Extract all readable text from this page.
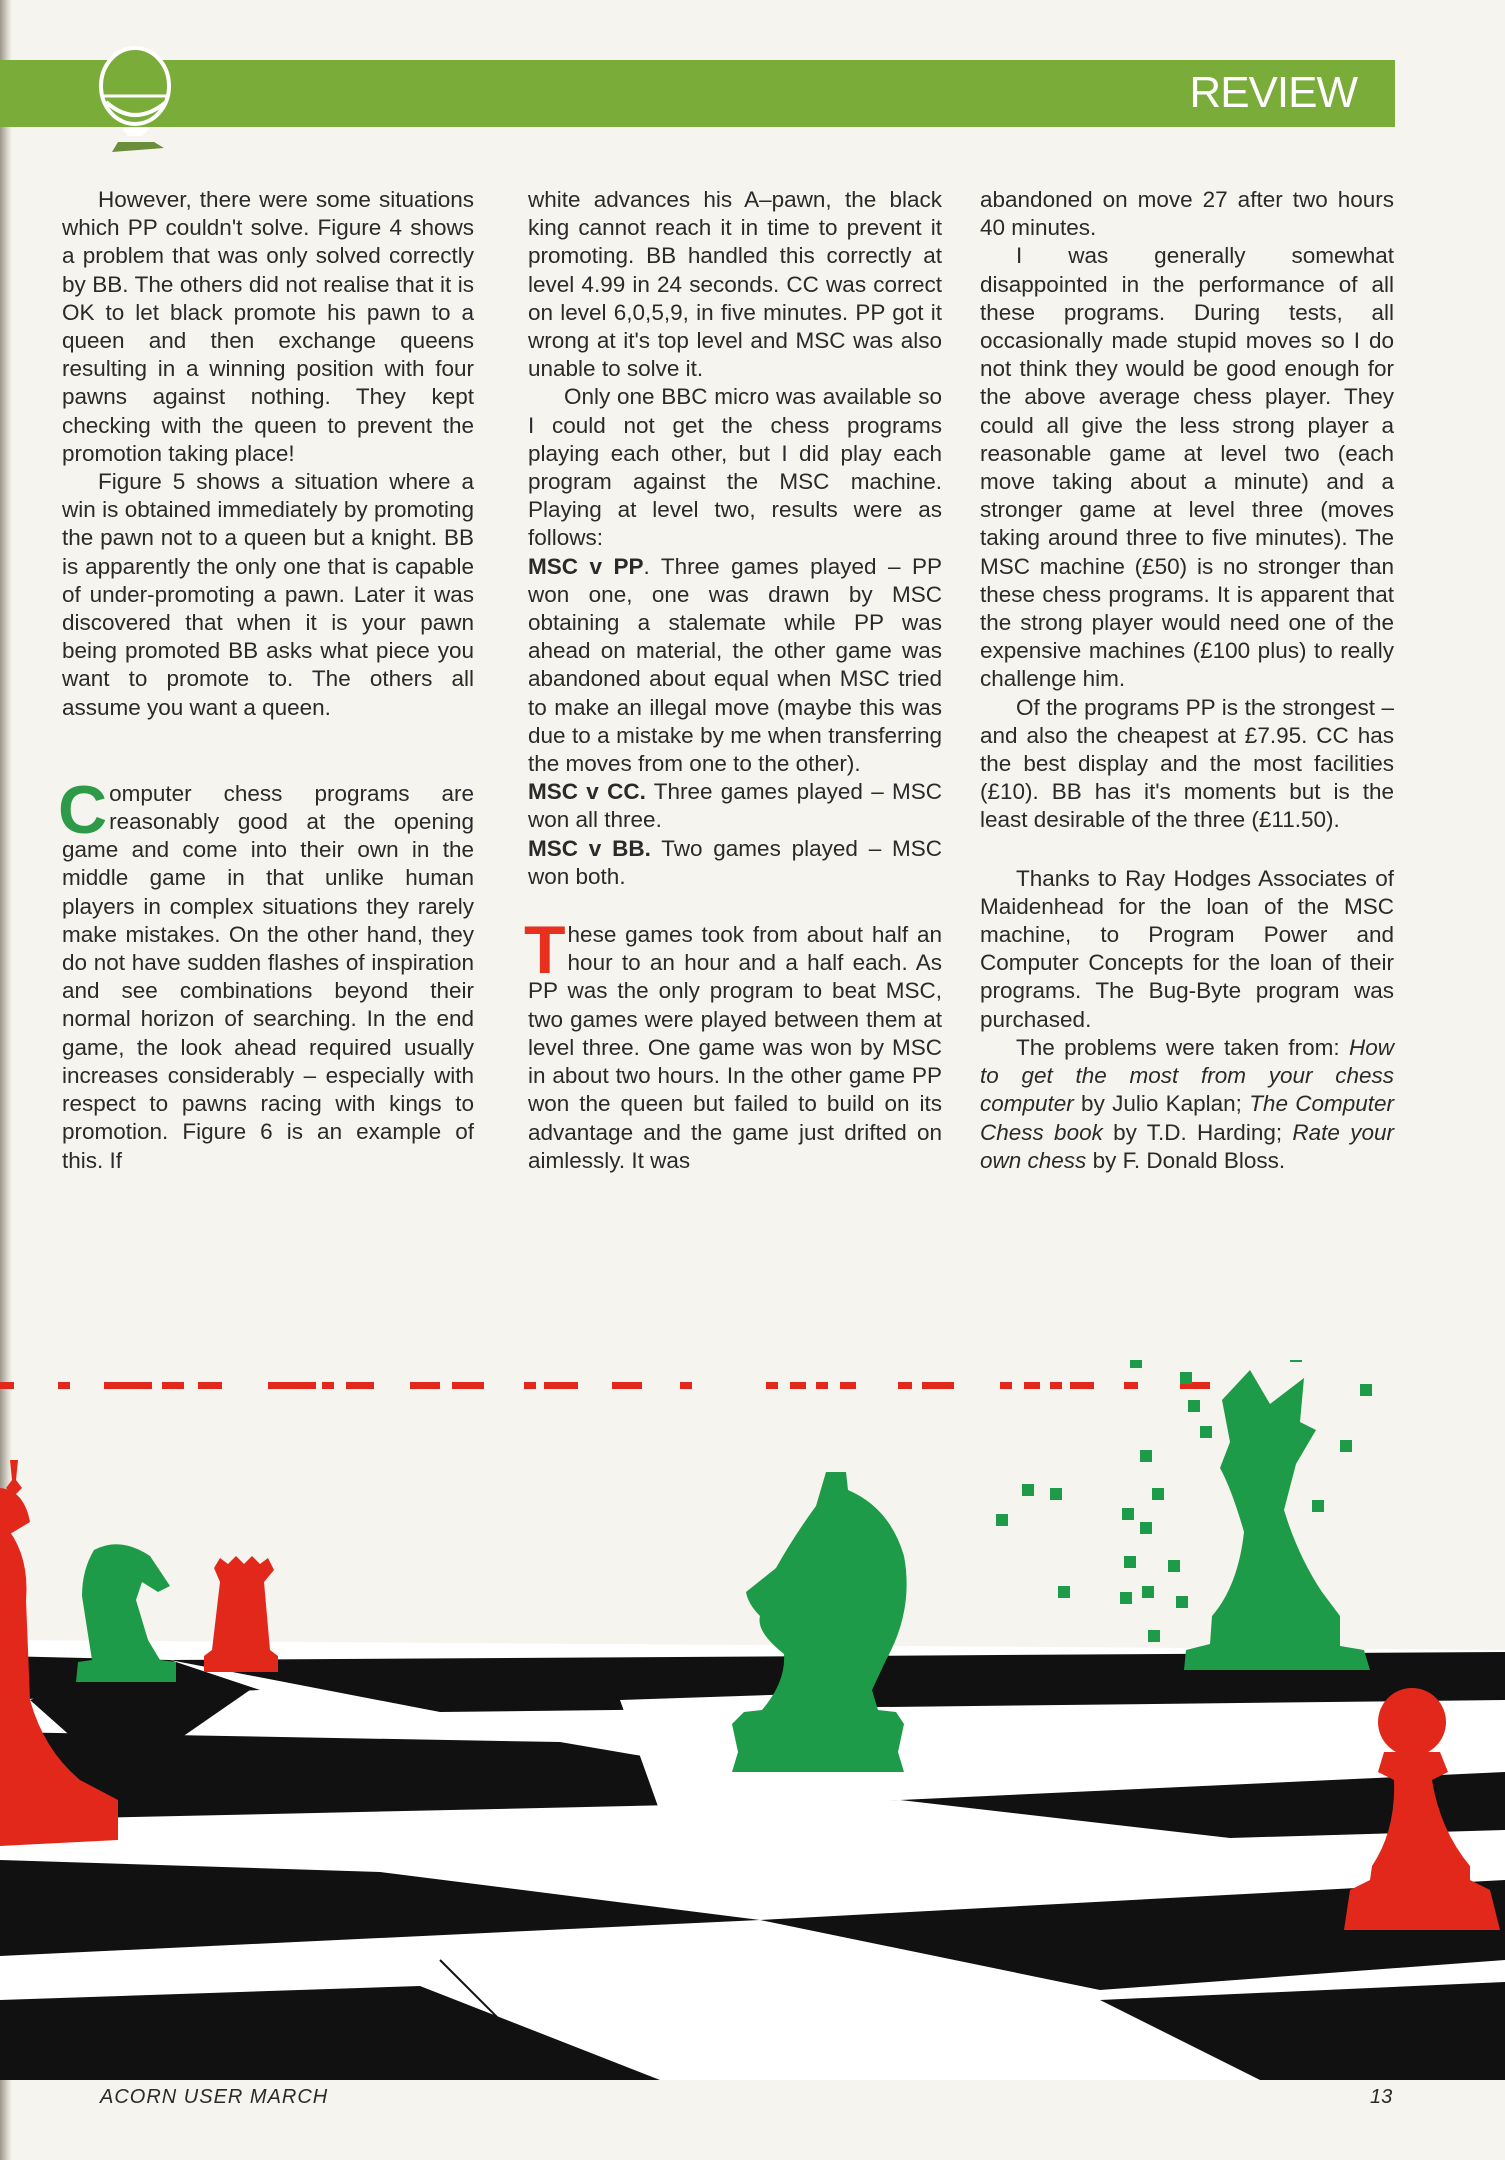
REVIEW

However, there were some situations which PP couldn't solve. Figure 4 shows a problem that was only solved correctly by BB. The others did not realise that it is OK to let black promote his pawn to a queen and then exchange queens resulting in a winning position with four pawns against nothing. They kept checking with the queen to prevent the promotion taking place!

Figure 5 shows a situation where a win is obtained immediately by promoting the pawn not to a queen but a knight. BB is apparently the only one that is capable of under-promoting a pawn. Later it was discovered that when it is your pawn being promoted BB asks what piece you want to promote to. The others all assume you want a queen.

Computer chess programs are reasonably good at the opening game and come into their own in the middle game in that unlike human players in complex situations they rarely make mistakes. On the other hand, they do not have sudden flashes of inspiration and see combinations beyond their normal horizon of searching. In the end game, the look ahead required usually increases considerably – especially with respect to pawns racing with kings to promotion. Figure 6 is an example of this. If

white advances his A–pawn, the black king cannot reach it in time to prevent it promoting. BB handled this correctly at level 4.99 in 24 seconds. CC was correct on level 6,0,5,9, in five minutes. PP got it wrong at it's top level and MSC was also unable to solve it.

Only one BBC micro was available so I could not get the chess programs playing each other, but I did play each program against the MSC machine. Playing at level two, results were as follows:

MSC v PP. Three games played – PP won one, one was drawn by MSC obtaining a stalemate while PP was ahead on material, the other game was abandoned about equal when MSC tried to make an illegal move (maybe this was due to a mistake by me when transferring the moves from one to the other).

MSC v CC. Three games played – MSC won all three.

MSC v BB. Two games played – MSC won both.

These games took from about half an hour to an hour and a half each. As PP was the only program to beat MSC, two games were played between them at level three. One game was won by MSC in about two hours. In the other game PP won the queen but failed to build on its advantage and the game just drifted on aimlessly. It was

abandoned on move 27 after two hours 40 minutes.

I was generally somewhat disappointed in the performance of all these programs. During tests, all occasionally made stupid moves so I do not think they would be good enough for the above average chess player. They could all give the less strong player a reasonable game at level two (each move taking about a minute) and a stronger game at level three (moves taking around three to five minutes). The MSC machine (£50) is no stronger than these chess programs. It is apparent that the strong player would need one of the expensive machines (£100 plus) to really challenge him.

Of the programs PP is the strongest – and also the cheapest at £7.95. CC has the best display and the most facilities (£10). BB has it's moments but is the least desirable of the three (£11.50).

Thanks to Ray Hodges Associates of Maidenhead for the loan of the MSC machine, to Program Power and Computer Concepts for the loan of their programs. The Bug-Byte program was purchased.

The problems were taken from: How to get the most from your chess computer by Julio Kaplan; The Computer Chess book by T.D. Harding; Rate your own chess by F. Donald Bloss.

ACORN USER MARCH	13
